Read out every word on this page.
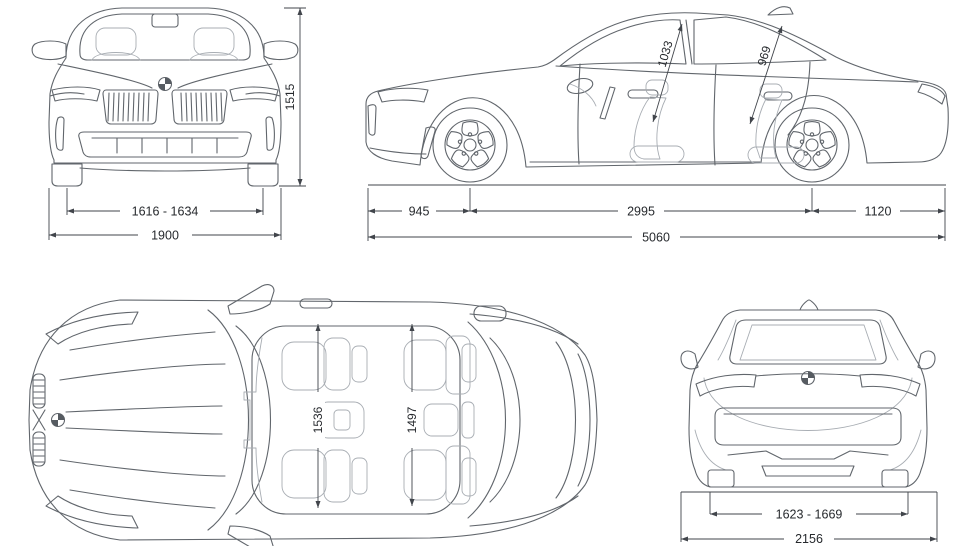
1515
1616 - 1634
1900
1033	969
945	2995	1120
5060
1536	1497
1623 - 1669
2156
